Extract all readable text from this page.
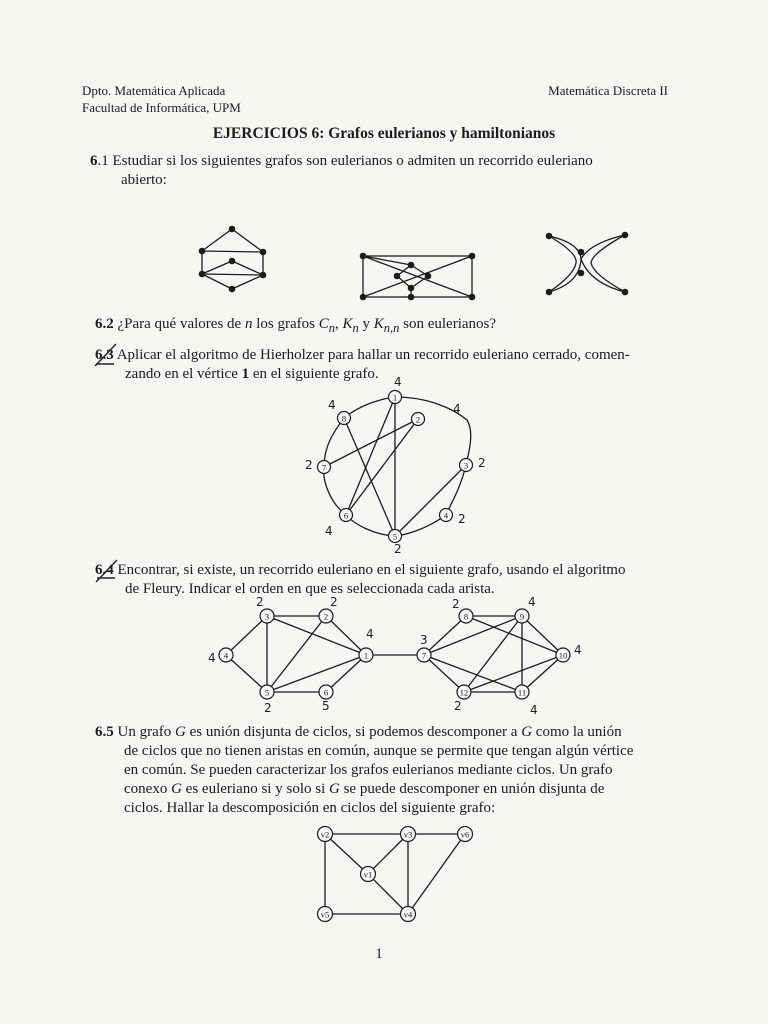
Dpto. Matemática Aplicada
Facultad de Informática, UPM
Matemática Discreta II
EJERCICIOS 6: Grafos eulerianos y hamiltonianos
6.1 Estudiar si los siguientes grafos son eulerianos o admiten un recorrido euleriano
abierto:
6.2 ¿Para qué valores de n los grafos $C_n$, $K_n$ y $K_{n,n}$ son eulerianos?
6.3 Aplicar el algoritmo de Hierholzer para hallar un recorrido euleriano cerrado, comen-
zando en el vértice 1 en el siguiente grafo.
1
2
3
4
5
6
7
8
4
4
2
2
2
4
2
4
6.4 Encontrar, si existe, un recorrido euleriano en el siguiente grafo, usando el algoritmo
de Fleury. Indicar el orden en que es seleccionada cada arista.
1
2
3
4
5	6
7
8	9
10
11
12
4
2
2
4
2	5
3
2	4
4
4
2
6.5 Un grafo G es unión disjunta de ciclos, si podemos descomponer a G como la unión
de ciclos que no tienen aristas en común, aunque se permite que tengan algún vértice
en común. Se pueden caracterizar los grafos eulerianos mediante ciclos. Un grafo
conexo G es euleriano si y solo si G se puede descomponer en unión disjunta de
ciclos. Hallar la descomposición en ciclos del siguiente grafo:
v1
v2	v3
v4
v5
v6
1
